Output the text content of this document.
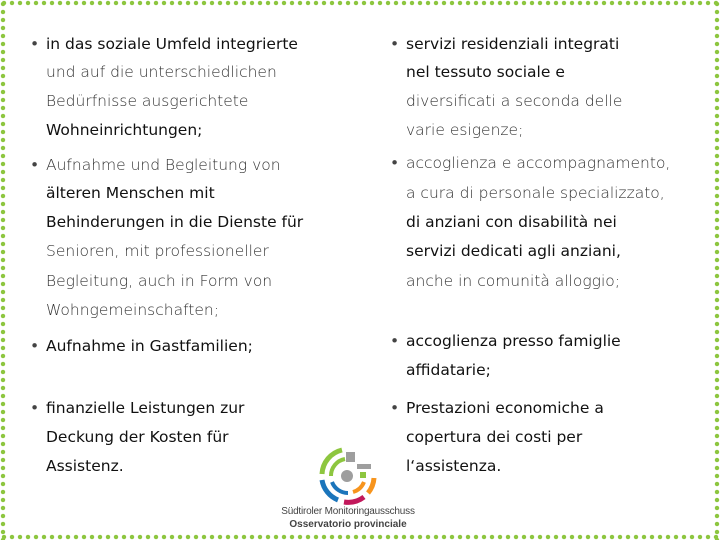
• in das soziale Umfeld integrierte
und auf die unterschiedlichen
Bedürfnisse ausgerichtete
Wohneinrichtungen;
• Aufnahme und Begleitung von
älteren Menschen mit
Behinderungen in die Dienste für
Senioren, mit professioneller
Begleitung, auch in Form von
Wohngemeinschaften;
• Aufnahme in Gastfamilien;
• finanzielle Leistungen zur
Deckung der Kosten für
Assistenz.
• servizi residenziali integrati
nel tessuto sociale e
diversificati a seconda delle
varie esigenze;
• accoglienza e accompagnamento,
a cura di personale specializzato,
di anziani con disabilità nei
servizi dedicati agli anziani,
anche in comunità alloggio;
• accoglienza presso famiglie
affidatarie;
• Prestazioni economiche a
copertura dei costi per
l‘assistenza.
Südtiroler Monitoringausschuss
Osservatorio provinciale
